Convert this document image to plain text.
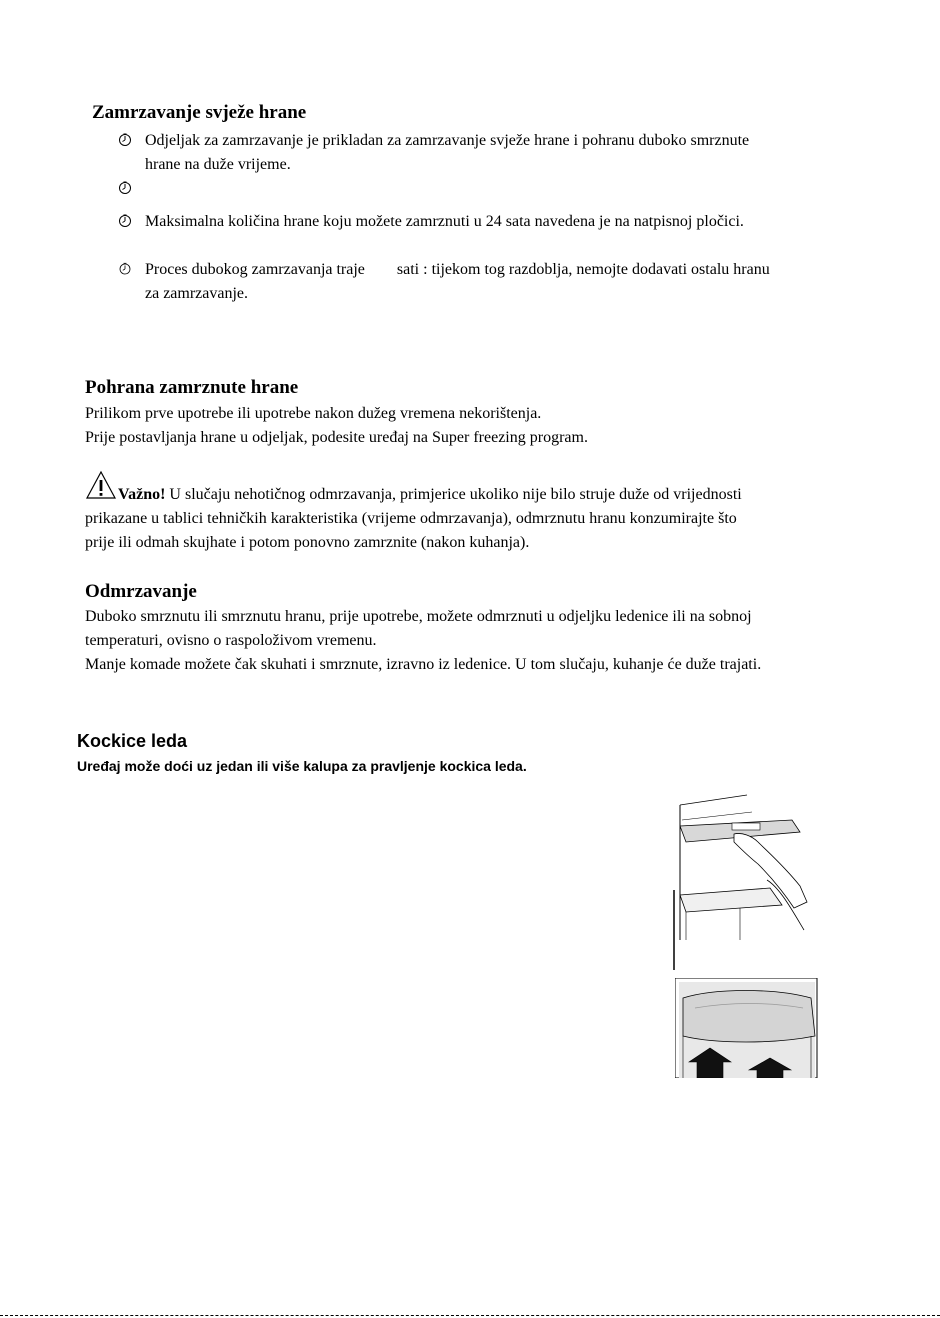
Zamrzavanje svježe hrane
Odjeljak za zamrzavanje je prikladan za zamrzavanje svježe hrane i pohranu duboko smrznute hrane na duže vrijeme.
Maksimalna količina hrane koju možete zamrznuti u 24 sata navedena je na natpisnoj pločici.
Proces dubokog zamrzavanja traje        sati : tijekom tog razdoblja, nemojte dodavati ostalu hranu za zamrzavanje.
Pohrana zamrznute hrane
Prilikom prve upotrebe ili upotrebe nakon dužeg vremena nekorištenja.
Prije postavljanja hrane u odjeljak, podesite uređaj na Super freezing program.
Važno! U slučaju nehotičnog odmrzavanja, primjerice ukoliko nije bilo struje duže od vrijednosti prikazane u tablici tehničkih karakteristika (vrijeme odmrzavanja), odmrznutu hranu konzumirajte što prije ili odmah skujhate i potom ponovno zamrznite (nakon kuhanja).
Odmrzavanje
Duboko smrznutu ili smrznutu hranu, prije upotrebe, možete odmrznuti u odjeljku ledenice ili na sobnoj temperaturi, ovisno o raspoloživom vremenu.
Manje komade možete čak skuhati i smrznute, izravno iz ledenice. U tom slučaju, kuhanje će duže trajati.
Kockice leda
Uređaj može doći uz jedan ili više kalupa za pravljenje kockica leda.
